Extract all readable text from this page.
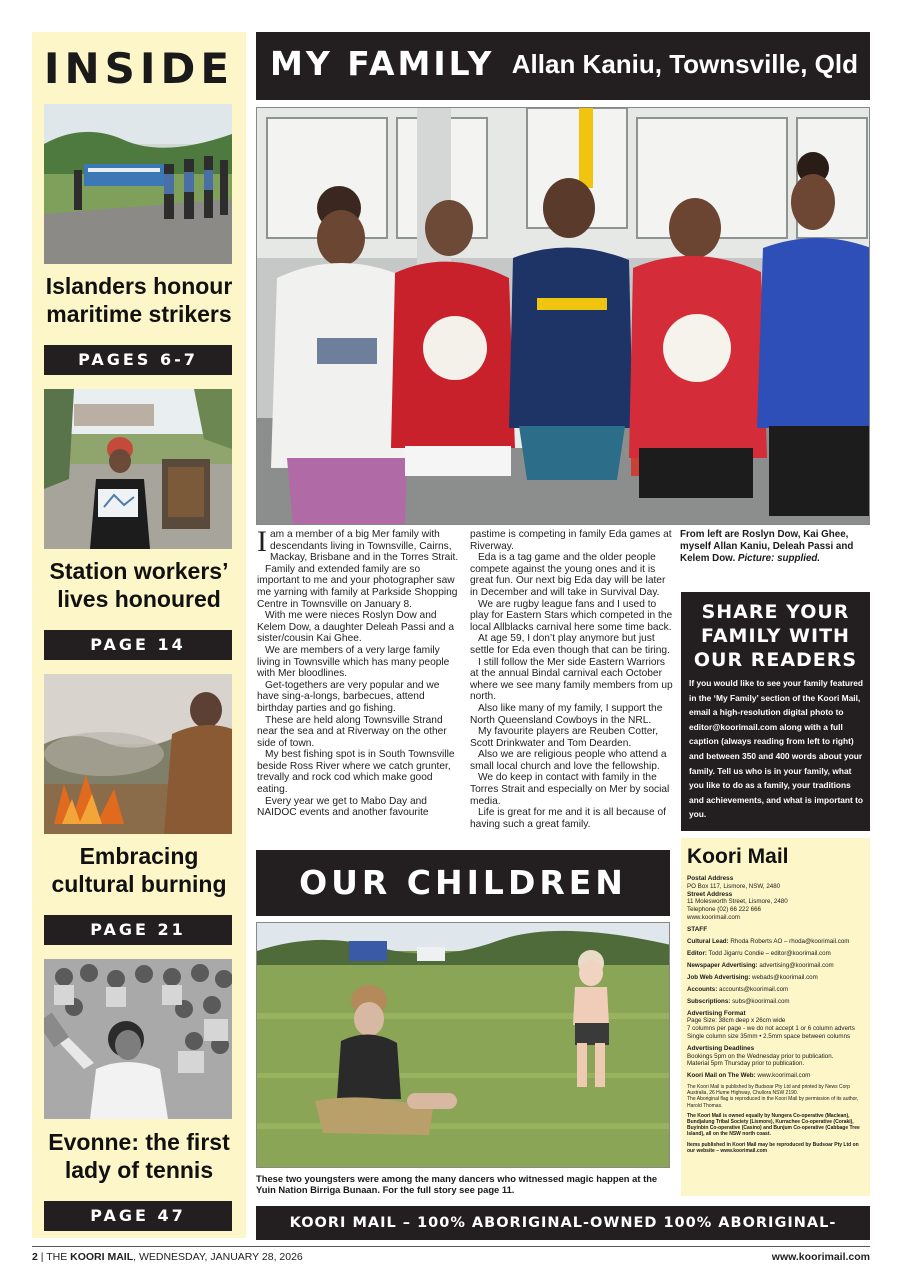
INSIDE
Islanders honour
maritime strikers
PAGES 6-7
Station workers’
lives honoured
PAGE 14
Embracing
cultural burning
PAGE 21
Evonne: the first
lady of tennis
PAGE 47
MY FAMILY Allan Kaniu, Townsville, Qld

Iam a member of a big Mer family with descendants living in Townsville, Cairns, Mackay, Brisbane and in the Torres Strait.

Family and extended family are so important to me and your photographer saw me yarning with family at Parkside Shopping Centre in Townsville on January 8.

With me were nieces Roslyn Dow and Kelem Dow, a daughter Deleah Passi and a sister/cousin Kai Ghee.

We are members of a very large family living in Townsville which has many people with Mer bloodlines.

Get-togethers are very popular and we have sing-a-longs, barbecues, attend birthday parties and go fishing.

These are held along Townsville Strand near the sea and at Riverway on the other side of town.

My best fishing spot is in South Townsville beside Ross River where we catch grunter, trevally and rock cod which make good eating.

Every year we get to Mabo Day and NAIDOC events and another favourite pastime is competing in family Eda games at Riverway.

Eda is a tag game and the older people compete against the young ones and it is great fun. Our next big Eda day will be later in December and will take in Survival Day.

We are rugby league fans and I used to play for Eastern Stars which competed in the local Allblacks carnival here some time back.

At age 59, I don’t play anymore but just settle for Eda even though that can be tiring.

I still follow the Mer side Eastern Warriors at the annual Bindal carnival each October where we see many family members from up north.

Also like many of my family, I support the North Queensland Cowboys in the NRL.

My favourite players are Reuben Cotter, Scott Drinkwater and Tom Dearden.

Also we are religious people who attend a small local church and love the fellowship.

We do keep in contact with family in the Torres Strait and especially on Mer by social media.

Life is great for me and it is all because of having such a great family.

From left are Roslyn Dow, Kai Ghee, myself Allan Kaniu, Deleah Passi and Kelem Dow. Picture: supplied.
SHARE YOUR
FAMILY WITH
OUR READERS
If you would like to see your family featured in the ‘My Family’ section of the Koori Mail, email a high-resolution digital photo to editor@koorimail.com along with a full caption (always reading from left to right) and between 350 and 400 words about your family. Tell us who is in your family, what you like to do as a family, your traditions and achievements, and what is important to you.
OUR CHILDREN
These two youngsters were among the many dancers who witnessed magic happen at the Yuin Nation Birriga Bunaan. For the full story see page 11.
Koori Mail
Postal Address
PO Box 117, Lismore, NSW, 2480
Street Address
11 Molesworth Street, Lismore, 2480
Telephone (02) 66 222 666
www.koorimail.com
STAFF
Cultural Lead: Rhoda Roberts AO – rhoda@koorimail.com
Editor: Todd Jigarru Condie – editor@koorimail.com
Newspaper Advertising: advertising@koorimail.com
Job Web Advertising: webads@koorimail.com
Accounts: accounts@koorimail.com
Subscriptions: subs@koorimail.com
Advertising Format
Page Size: 38cm deep x 26cm wide
7 columns per page - we do not accept 1 or 6 column adverts
Single column size 35mm • 2.5mm space between columns
Advertising Deadlines
Bookings 5pm on the Wednesday prior to publication.
Material 5pm Thursday prior to publication.
Koori Mail on The Web: www.koorimail.com
The Koori Mail is published by Budsoar Pty Ltd and printed by News Corp Australia, 26 Hume Highway, Chullora NSW 2190.
The Aboriginal flag is reproduced in the Koori Mail by permission of its author, Harold Thomas.
The Koori Mail is owned equally by Nungera Co-operative (Maclean), Bundjalung Tribal Society (Lismore), Kurrachee Co-operative (Coraki), Buyinbin Co-operative (Casino) and Bunjum Co-operative (Cabbage Tree Island), all on the NSW north coast.
Items published in Koori Mail may be reproduced by Budsoar Pty Ltd on our website – www.koorimail.com
KOORI MAIL – 100% ABORIGINAL-OWNED 100% ABORIGINAL-CONTROLLED
2 | THE KOORI MAIL, WEDNESDAY, JANUARY 28, 2026	www.koorimail.com
